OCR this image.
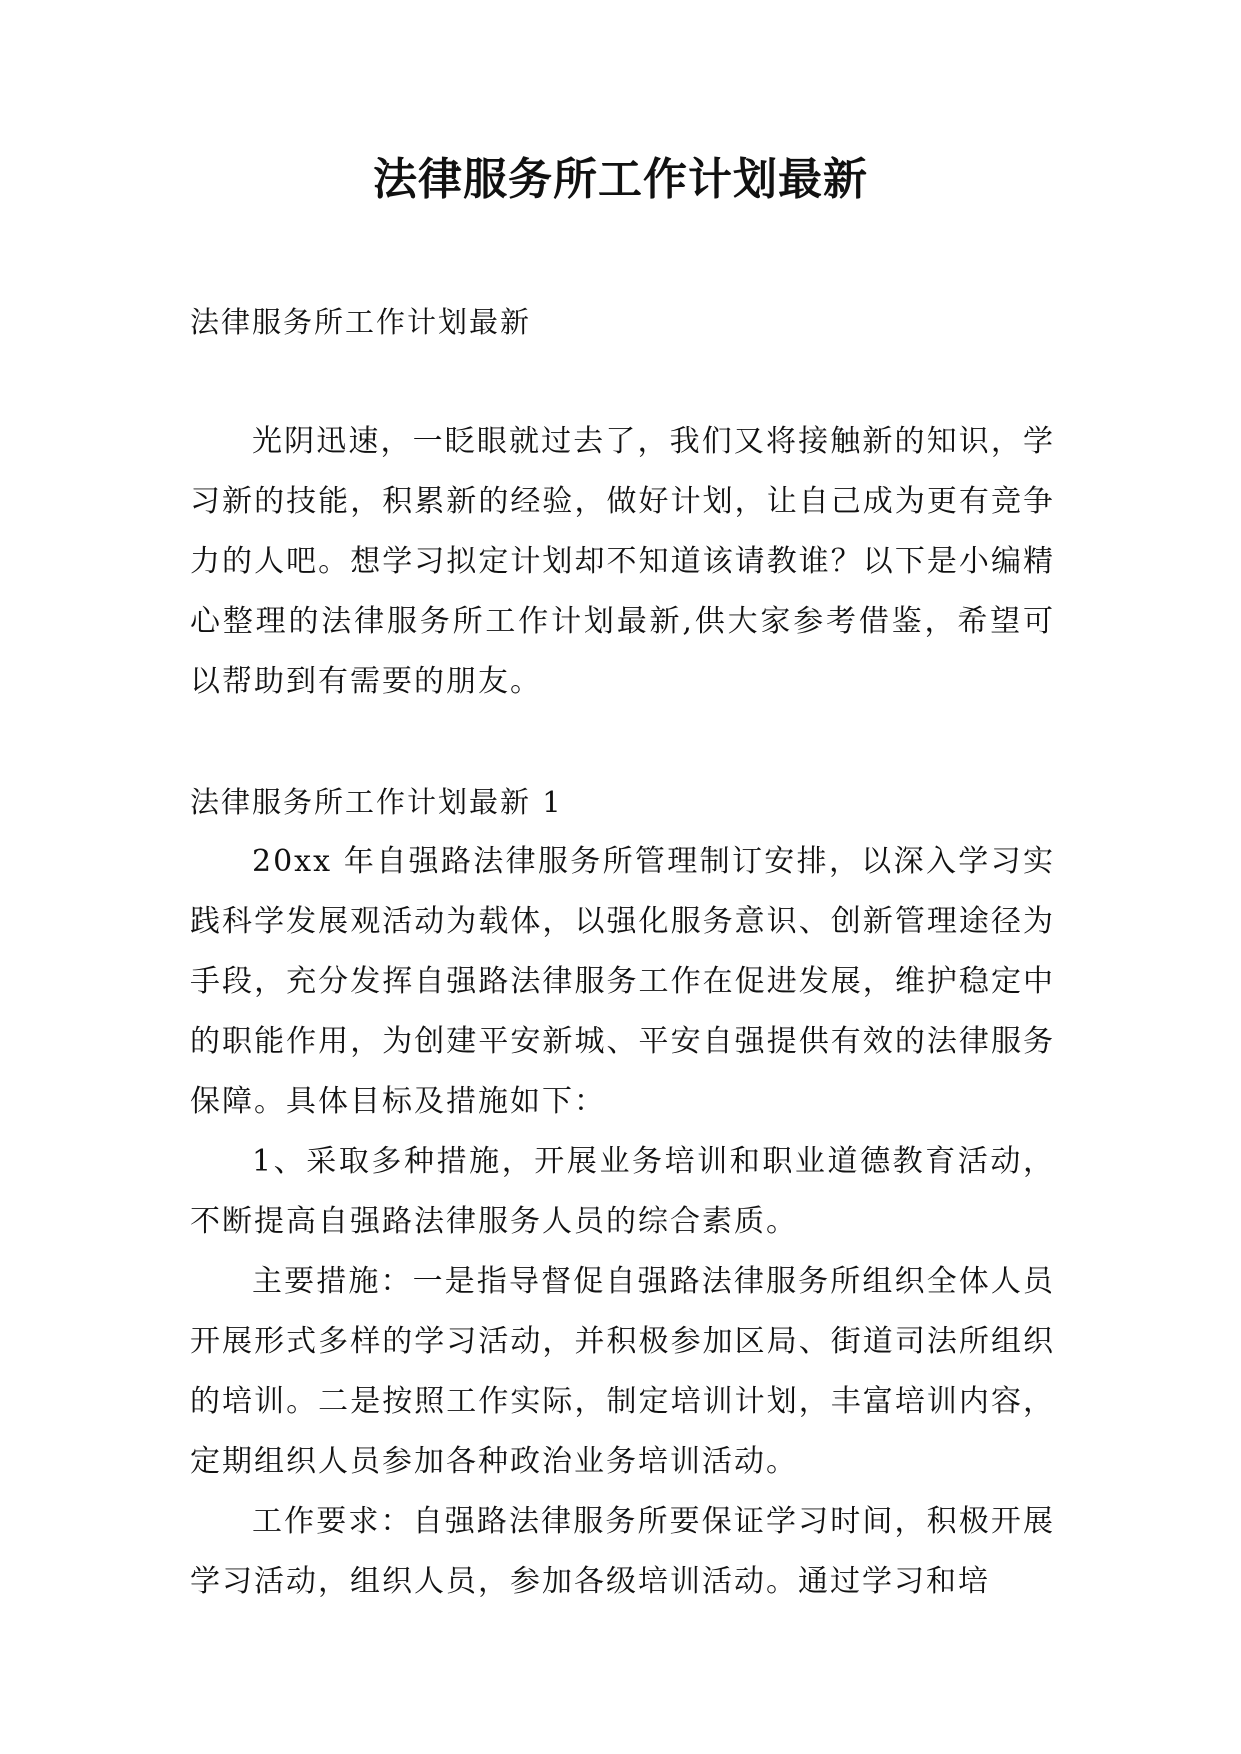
法律服务所工作计划最新

法律服务所工作计划最新

光阴迅速，一眨眼就过去了，我们又将接触新的知识，学习新的技能，积累新的经验，做好计划，让自己成为更有竞争力的人吧。想学习拟定计划却不知道该请教谁？以下是小编精心整理的法律服务所工作计划最新,供大家参考借鉴，希望可以帮助到有需要的朋友。

法律服务所工作计划最新 1

20xx 年自强路法律服务所管理制订安排，以深入学习实践科学发展观活动为载体，以强化服务意识、创新管理途径为手段，充分发挥自强路法律服务工作在促进发展，维护稳定中的职能作用，为创建平安新城、平安自强提供有效的法律服务保障。具体目标及措施如下：

1、采取多种措施，开展业务培训和职业道德教育活动，不断提高自强路法律服务人员的综合素质。

主要措施：一是指导督促自强路法律服务所组织全体人员开展形式多样的学习活动，并积极参加区局、街道司法所组织的培训。二是按照工作实际，制定培训计划，丰富培训内容，定期组织人员参加各种政治业务培训活动。

工作要求：自强路法律服务所要保证学习时间，积极开展学习活动，组织人员，参加各级培训活动。通过学习和培
